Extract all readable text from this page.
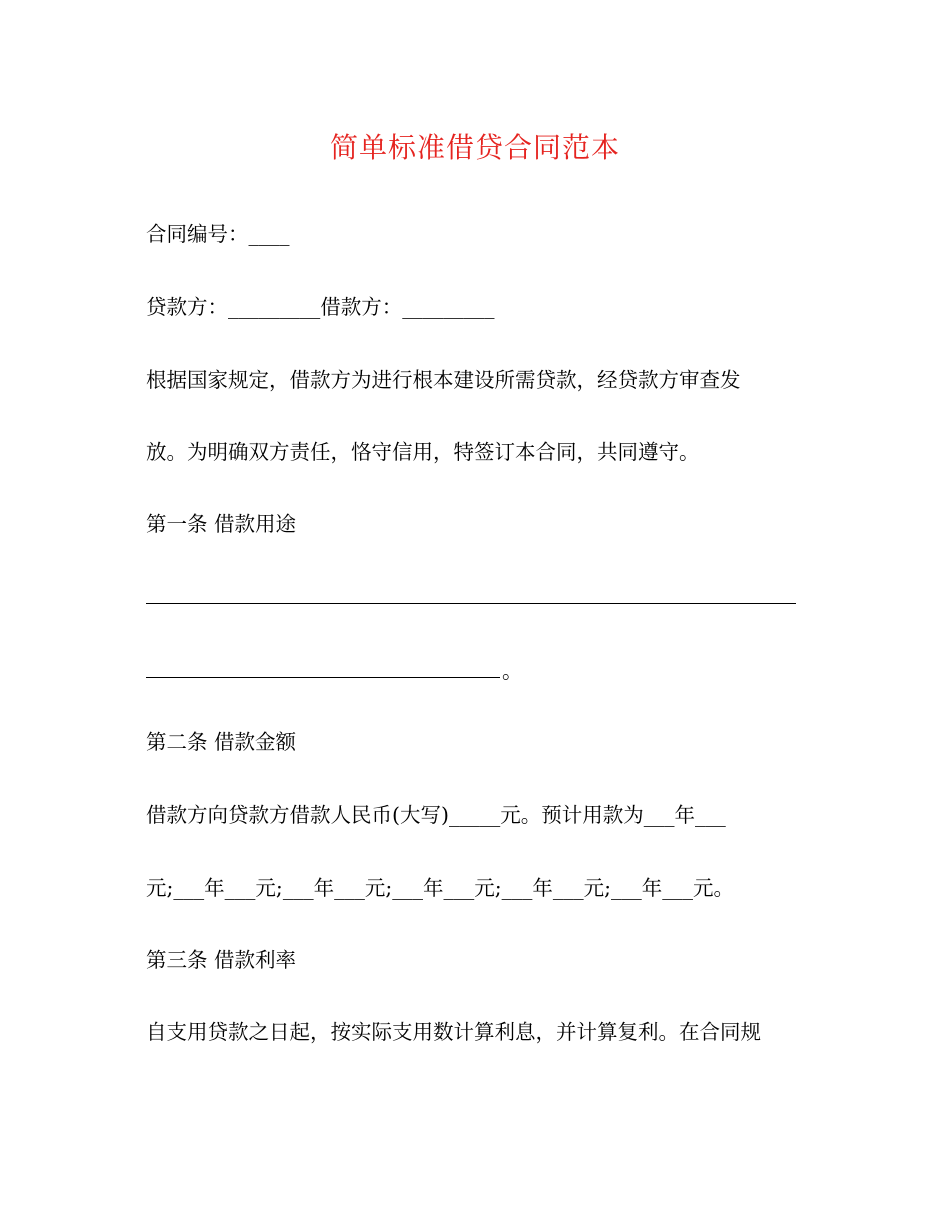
简单标准借贷合同范本
合同编号：____
贷款方：_________借款方：_________
根据国家规定，借款方为进行根本建设所需贷款，经贷款方审查发
放。为明确双方责任，恪守信用，特签订本合同，共同遵守。
第一条 借款用途
。
第二条 借款金额
借款方向贷款方借款人民币(大写)_____元。预计用款为___年___
元;___年___元;___年___元;___年___元;___年___元;___年___元。
第三条 借款利率
自支用贷款之日起，按实际支用数计算利息，并计算复利。在合同规
